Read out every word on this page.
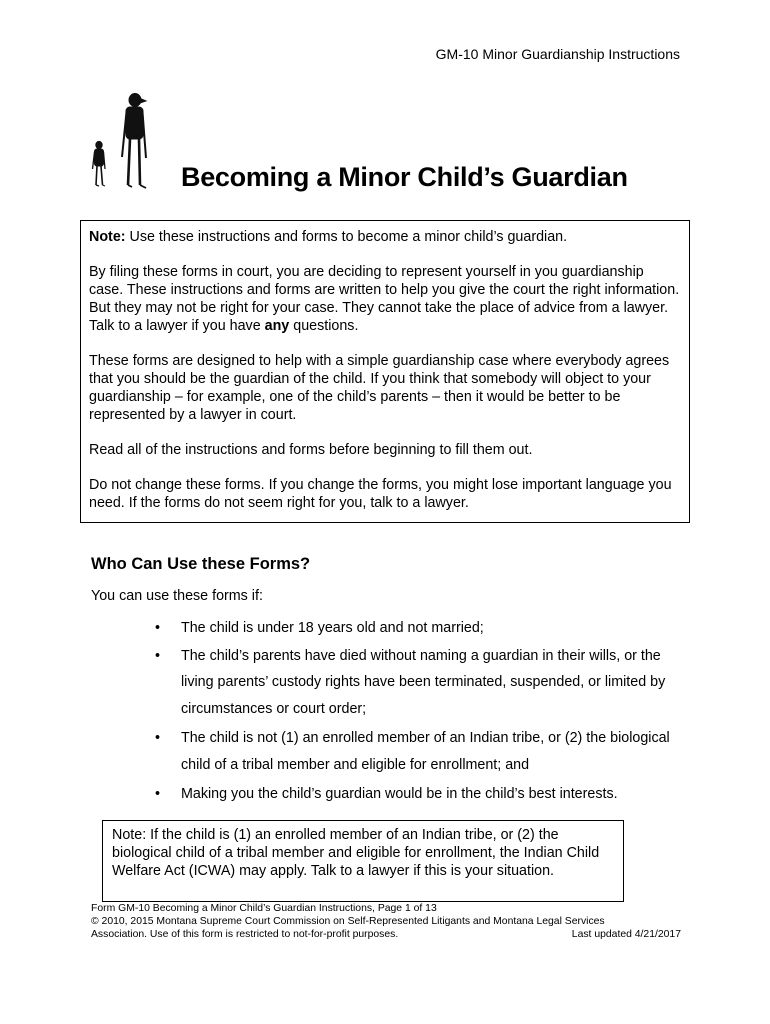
GM-10 Minor Guardianship Instructions
Becoming a Minor Child’s Guardian

Note: Use these instructions and forms to become a minor child’s guardian.

By filing these forms in court, you are deciding to represent yourself in you guardianship case. These instructions and forms are written to help you give the court the right information. But they may not be right for your case. They cannot take the place of advice from a lawyer. Talk to a lawyer if you have any questions.

These forms are designed to help with a simple guardianship case where everybody agrees that you should be the guardian of the child. If you think that somebody will object to your guardianship – for example, one of the child’s parents – then it would be better to be represented by a lawyer in court.

Read all of the instructions and forms before beginning to fill them out.

Do not change these forms. If you change the forms, you might lose important language you need. If the forms do not seem right for you, talk to a lawyer.

Who Can Use these Forms?

You can use these forms if:

• The child is under 18 years old and not married;
• The child’s parents have died without naming a guardian in their wills, or the living parents’ custody rights have been terminated, suspended, or limited by circumstances or court order;
• The child is not (1) an enrolled member of an Indian tribe, or (2) the biological child of a tribal member and eligible for enrollment; and
• Making you the child’s guardian would be in the child’s best interests.
Note: If the child is (1) an enrolled member of an Indian tribe, or (2) the biological child of a tribal member and eligible for enrollment, the Indian Child Welfare Act (ICWA) may apply. Talk to a lawyer if this is your situation.
Form GM-10 Becoming a Minor Child’s Guardian Instructions, Page 1 of 13
© 2010, 2015 Montana Supreme Court Commission on Self-Represented Litigants and Montana Legal Services
Association. Use of this form is restricted to not-for-profit purposes.	Last updated 4/21/2017
